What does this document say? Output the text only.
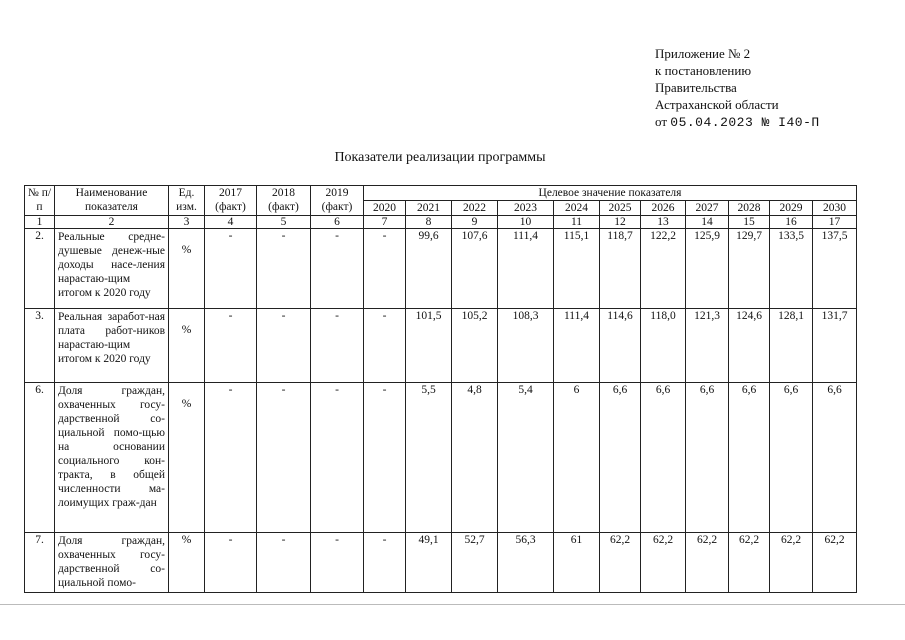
Приложение № 2
к постановлению
Правительства
Астраханской области
от 05.04.2023 № I40-П
Показатели реализации программы
№ п/п	Наименование показателя	Ед. изм.	2017 (факт)	2018 (факт)	2019 (факт)	Целевое значение показателя										
						2020	2021	2022	2023	2024	2025	2026	2027	2028	2029	2030
1	2	3	4	5	6	7	8	9	10	11	12	13	14	15	16	17
2.	Реальные средне-душевые денеж-ные доходы насе-ления нарастаю-щим итогом к 2020 году	%	-	-	-	-	99,6	107,6	111,4	115,1	118,7	122,2	125,9	129,7	133,5	137,5
3.	Реальная заработ-ная плата работ-ников нарастаю-щим итогом к 2020 году	%	-	-	-	-	101,5	105,2	108,3	111,4	114,6	118,0	121,3	124,6	128,1	131,7
6.	Доля граждан, охваченных госу-дарственной со-циальной помо-щью на основании социального кон-тракта, в общей численности ма-лоимущих граж-дан	%	-	-	-	-	5,5	4,8	5,4	6	6,6	6,6	6,6	6,6	6,6	6,6
7.	Доля граждан, охваченных госу-дарственной со-циальной помо-	%	-	-	-	-	49,1	52,7	56,3	61	62,2	62,2	62,2	62,2	62,2	62,2
